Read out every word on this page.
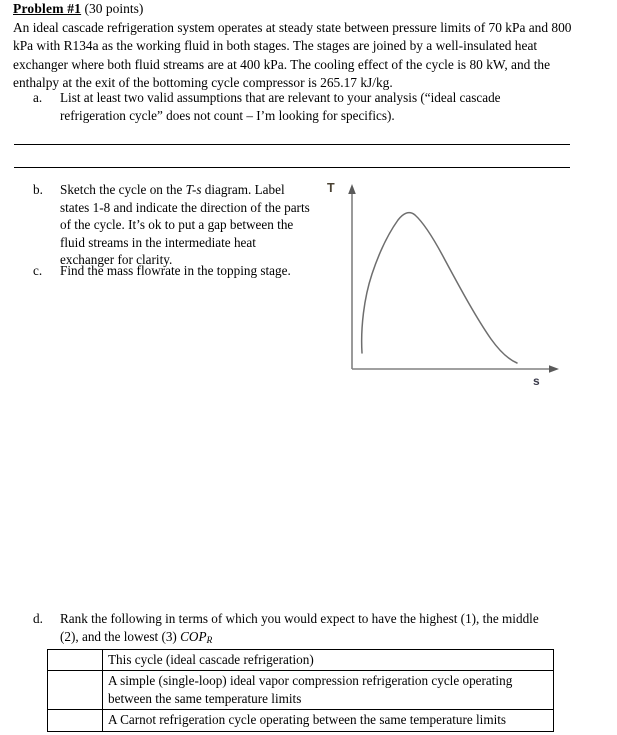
Problem #1 (30 points)
An ideal cascade refrigeration system operates at steady state between pressure limits of 70 kPa and 800 kPa with R134a as the working fluid in both stages. The stages are joined by a well-insulated heat exchanger where both fluid streams are at 400 kPa. The cooling effect of the cycle is 80 kW, and the enthalpy at the exit of the bottoming cycle compressor is 265.17 kJ/kg.
a.	List at least two valid assumptions that are relevant to your analysis (“ideal cascade refrigeration cycle” does not count – I’m looking for specifics).
b.	Sketch the cycle on the T-s diagram. Label states 1-8 and indicate the direction of the parts of the cycle. It’s ok to put a gap between the fluid streams in the intermediate heat exchanger for clarity.
c.	Find the mass flowrate in the topping stage.
T
s
d.	Rank the following in terms of which you would expect to have the highest (1), the middle (2), and the lowest (3) $COP_R$
	This cycle (ideal cascade refrigeration)
	A simple (single-loop) ideal vapor compression refrigeration cycle operating between the same temperature limits
	A Carnot refrigeration cycle operating between the same temperature limits
